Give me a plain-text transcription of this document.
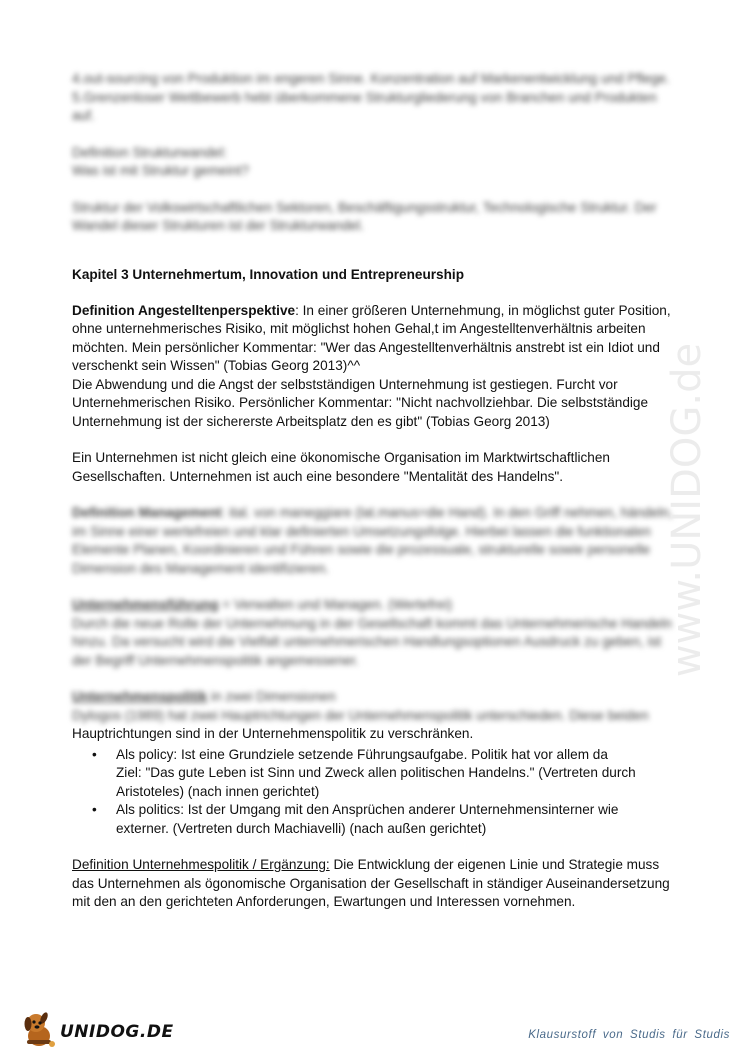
4.out-sourcing von Produktion im engeren Sinne. Konzentration auf Markenentwicklung und Pflege.

5.Grenzenloser Wettbewerb hebt überkommene Strukturgliederung von Branchen und Produkten auf.

Definition Strukturwandel:

Was ist mit Struktur gemeint?

Struktur der Volkswirtschaftlichen Sektoren, Beschäftigungsstruktur, Technologische Struktur. Der Wandel dieser Strukturen ist der Strukturwandel.

Kapitel 3 Unternehmertum, Innovation und Entrepreneurship

Definition Angestelltenperspektive: In einer größeren Unternehmung, in möglichst guter Position, ohne unternehmerisches Risiko, mit möglichst hohen Gehal,t im Angestelltenverhältnis arbeiten möchten. Mein persönlicher Kommentar: "Wer das Angestelltenverhältnis anstrebt ist ein Idiot und

verschenkt sein Wissen" (Tobias Georg 2013)^^

Die Abwendung und die Angst der selbstständigen Unternehmung ist gestiegen. Furcht vor Unternehmerischen Risiko. Persönlicher Kommentar: "Nicht nachvollziehbar. Die selbstständige Unternehmung ist der sichererste Arbeitsplatz den es gibt" (Tobias Georg 2013)

Ein Unternehmen ist nicht gleich eine ökonomische Organisation im Marktwirtschaftlichen Gesellschaften. Unternehmen ist auch eine besondere "Mentalität des Handelns".

Definition Management: ital. von maneggiare (lat.manus=die Hand). In den Griff nehmen, händeln, im Sinne einer wertefreien und klar definierten Umsetzungsfolge. Hierbei lassen die funktionalen Elemente Planen, Koordinieren und Führen sowie die prozessuale, strukturelle sowie personelle Dimension des Management identifizieren.

Unternehmensführung = Verwalten und Managen. (Wertefrei)

Durch die neue Rolle der Unternehmung in der Gesellschaft kommt das Unternehmerische Handeln

hinzu. Da versucht wird die Vielfalt unternehmerischen Handlungsoptionen Ausdruck zu geben, ist der Begriff Unternehmenspolitik angemessener.

Unternehmenspolitik in zwei Dimensionen

Dylogos (1989) hat zwei Hauptrichtungen der Unternehmenspolitik unterschieden. Diese beiden

Hauptrichtungen sind in der Unternehmenspolitik zu verschränken.

• Als policy: Ist eine Grundziele setzende Führungsaufgabe. Politik hat vor allem da
Ziel: "Das gute Leben ist Sinn und Zweck allen politischen Handelns." (Vertreten durch
Aristoteles) (nach innen gerichtet)
• Als politics: Ist der Umgang mit den Ansprüchen anderer Unternehmensinterner wie
externer. (Vertreten durch Machiavelli) (nach außen gerichtet)

Definition Unternehmespolitik / Ergänzung: Die Entwicklung der eigenen Linie und Strategie muss das Unternehmen als ögonomische Organisation der Gesellschaft in ständiger Auseinandersetzung mit den an den gerichteten Anforderungen, Ewartungen und Interessen vornehmen.

www.UNIDOG.de
UNIDOG.DE	Klausurstoff von Studis für Studis
